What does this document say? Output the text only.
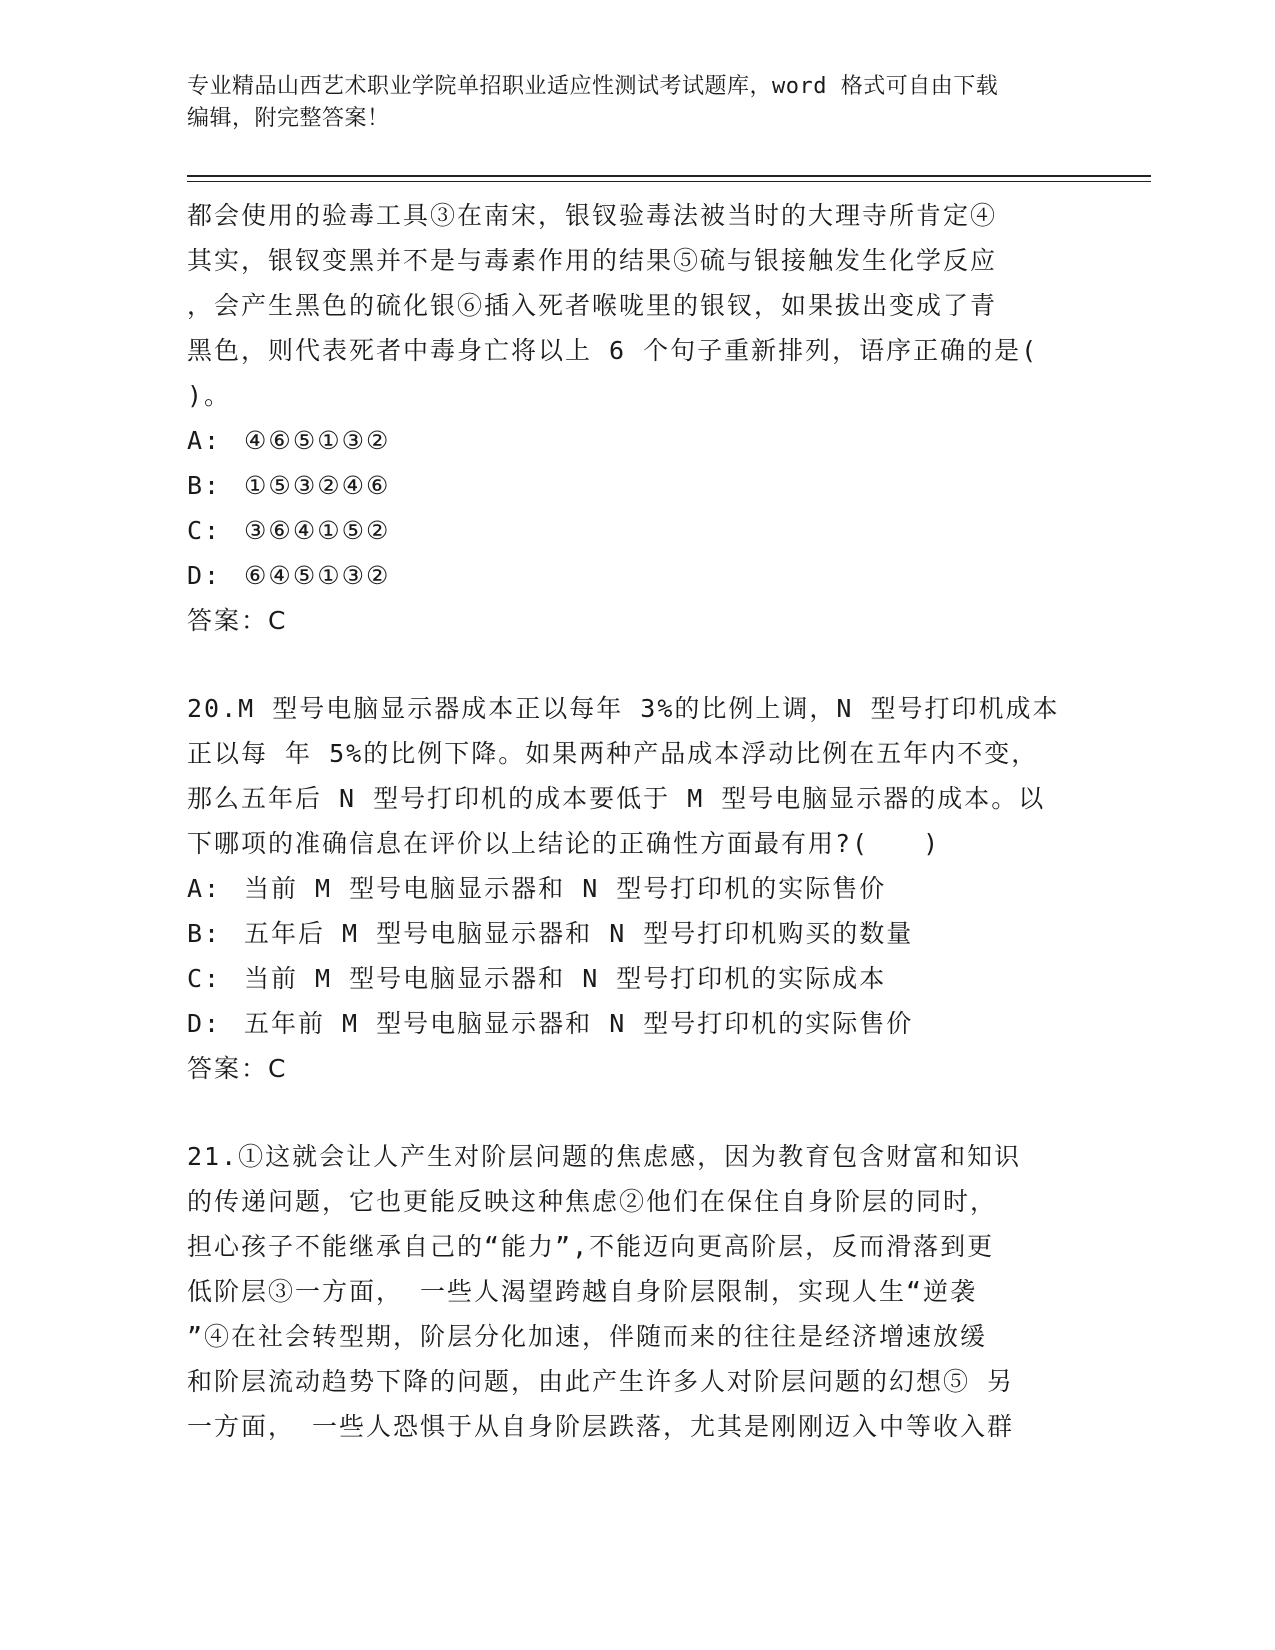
专业精品山西艺术职业学院单招职业适应性测试考试题库，word 格式可自由下载
编辑，附完整答案！

都会使用的验毒工具③在南宋，银钗验毒法被当时的大理寺所肯定④
其实，银钗变黑并不是与毒素作用的结果⑤硫与银接触发生化学反应
，会产生黑色的硫化银⑥插入死者喉咙里的银钗，如果拔出变成了青
黑色，则代表死者中毒身亡将以上 6 个句子重新排列，语序正确的是(
)。

A: ④⑥⑤①③②
B: ①⑤③②④⑥
C: ③⑥④①⑤②
D: ⑥④⑤①③②

答案：C

20.M 型号电脑显示器成本正以每年 3%的比例上调，N 型号打印机成本
正以每 年 5%的比例下降。如果两种产品成本浮动比例在五年内不变，
那么五年后 N 型号打印机的成本要低于 M 型号电脑显示器的成本。以
下哪项的准确信息在评价以上结论的正确性方面最有用?(　　)

A: 当前 M 型号电脑显示器和 N 型号打印机的实际售价
B: 五年后 M 型号电脑显示器和 N 型号打印机购买的数量
C: 当前 M 型号电脑显示器和 N 型号打印机的实际成本
D: 五年前 M 型号电脑显示器和 N 型号打印机的实际售价

答案：C

21.①这就会让人产生对阶层问题的焦虑感，因为教育包含财富和知识
的传递问题，它也更能反映这种焦虑②他们在保住自身阶层的同时，
担心孩子不能继承自己的“能力”,不能迈向更高阶层，反而滑落到更
低阶层③一方面， 一些人渴望跨越自身阶层限制，实现人生“逆袭
”④在社会转型期，阶层分化加速，伴随而来的往往是经济增速放缓
和阶层流动趋势下降的问题，由此产生许多人对阶层问题的幻想⑤ 另
一方面， 一些人恐惧于从自身阶层跌落，尤其是刚刚迈入中等收入群
